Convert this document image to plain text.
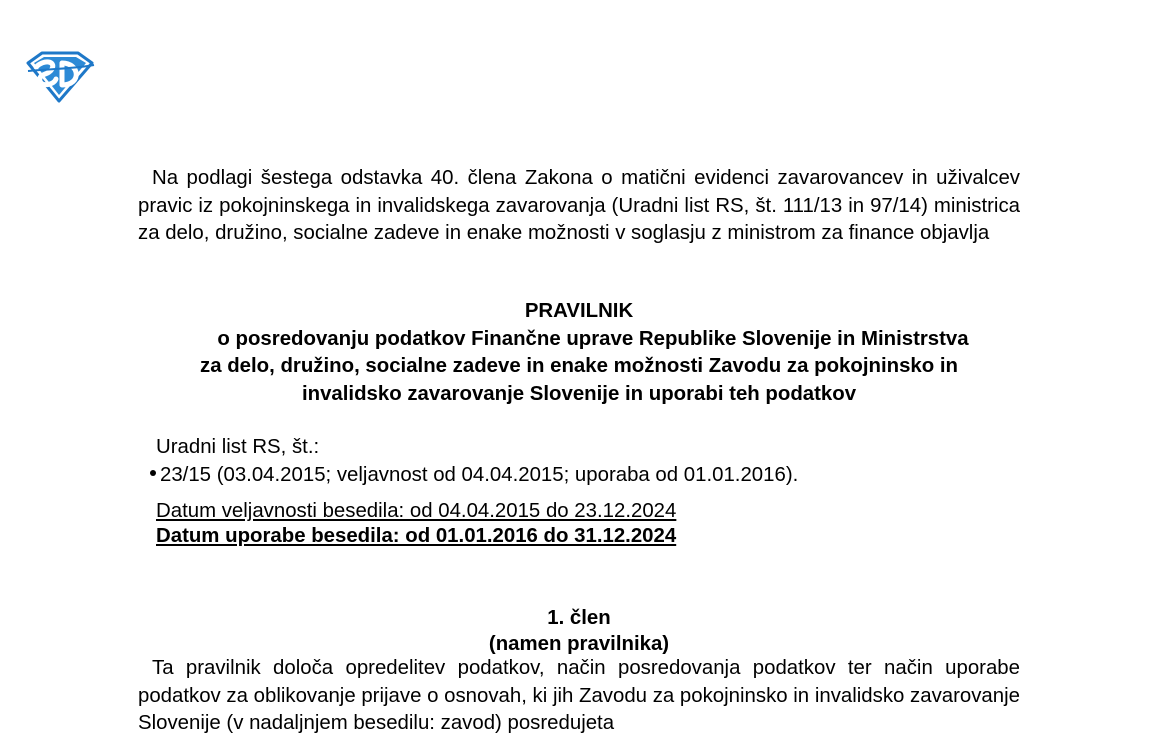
Na podlagi šestega odstavka 40. člena Zakona o matični evidenci zavarovancev in uživalcev pravic iz pokojninskega in invalidskega zavarovanja (Uradni list RS, št. 111/13 in 97/14) ministrica za delo, družino, socialne zadeve in enake možnosti v soglasju z ministrom za finance objavlja
PRAVILNIK
o posredovanju podatkov Finančne uprave Republike Slovenije in Ministrstva
za delo, družino, socialne zadeve in enake možnosti Zavodu za pokojninsko in
invalidsko zavarovanje Slovenije in uporabi teh podatkov
Uradni list RS, št.:
23/15 (03.04.2015; veljavnost od 04.04.2015; uporaba od 01.01.2016).
Datum veljavnosti besedila: od 04.04.2015 do 23.12.2024
Datum uporabe besedila: od 01.01.2016 do 31.12.2024
1. člen
(namen pravilnika)
Ta pravilnik določa opredelitev podatkov, način posredovanja podatkov ter način uporabe podatkov za oblikovanje prijave o osnovah, ki jih Zavodu za pokojninsko in invalidsko zavarovanje Slovenije (v nadaljnjem besedilu: zavod) posredujeta
